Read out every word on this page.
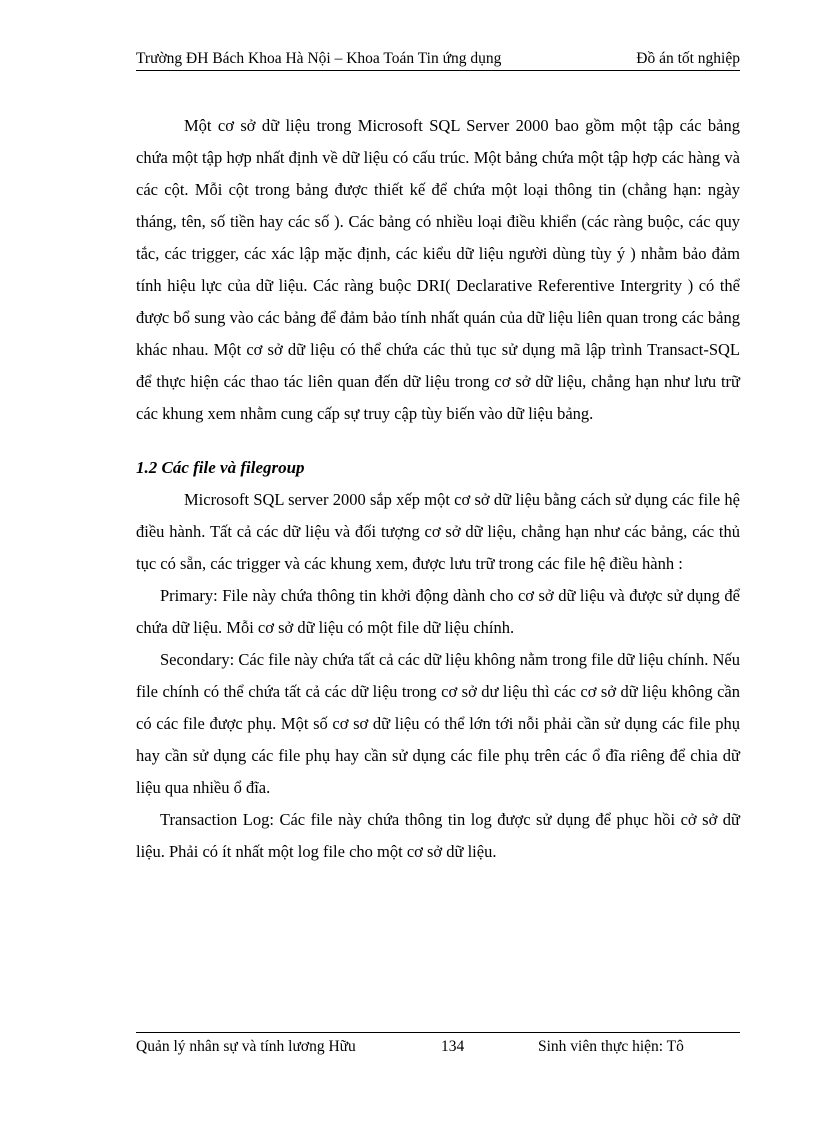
Trường ĐH Bách Khoa Hà Nội – Khoa Toán Tin ứng dụng	Đồ án tốt nghiệp

Một cơ sở dữ liệu trong Microsoft SQL Server 2000 bao gồm một tập các bảng chứa một tập hợp nhất định về dữ liệu có cấu trúc. Một bảng chứa một tập hợp các hàng và các cột. Mỗi cột trong bảng được thiết kế để chứa một loại thông tin (chẳng hạn: ngày tháng, tên, số tiền hay các số ). Các bảng có nhiều loại điều khiển (các ràng buộc, các quy tắc, các trigger, các xác lập mặc định, các kiểu dữ liệu người dùng tùy ý ) nhằm bảo đảm tính hiệu lực của dữ liệu. Các ràng buộc DRI( Declarative Referentive Intergrity ) có thể được bổ sung vào các bảng để đảm bảo tính nhất quán của dữ liệu liên quan trong các bảng khác nhau. Một cơ sở dữ liệu có thể chứa các thủ tục sử dụng mã lập trình Transact-SQL để thực hiện các thao tác liên quan đến dữ liệu trong cơ sở dữ liệu, chẳng hạn như lưu trữ các khung xem nhằm cung cấp sự truy cập tùy biến vào dữ liệu bảng.

1.2 Các file và filegroup

Microsoft SQL server 2000 sắp xếp một cơ sở dữ liệu bằng cách sử dụng các file hệ điều hành. Tất cả các dữ liệu và đối tượng cơ sở dữ liệu, chẳng hạn như các bảng, các thủ tục có sẵn, các trigger và các khung xem, được lưu trữ trong các file hệ điều hành :

Primary: File này chứa thông tin khởi động dành cho cơ sở dữ liệu và được sử dụng để chứa dữ liệu. Mỗi cơ sở dữ liệu có một file dữ liệu chính.

Secondary: Các file này chứa tất cả các dữ liệu không nằm trong file dữ liệu chính. Nếu file chính có thể chứa tất cả các dữ liệu trong cơ sở dư liệu thì các cơ sở dữ liệu không cần có các file được phụ. Một số cơ sơ dữ liệu có thể lớn tới nỗi phải cần sử dụng các file phụ hay cần sử dụng các file phụ hay cần sử dụng các file phụ trên các ổ đĩa riêng để chia dữ liệu qua nhiều ổ đĩa.

Transaction Log: Các file này chứa thông tin log được sử dụng để phục hồi cở sở dữ liệu. Phải có ít nhất một log file cho một cơ sở dữ liệu.

Quản lý nhân sự và tính lương Hữu	134	Sinh viên thực hiện: Tô
